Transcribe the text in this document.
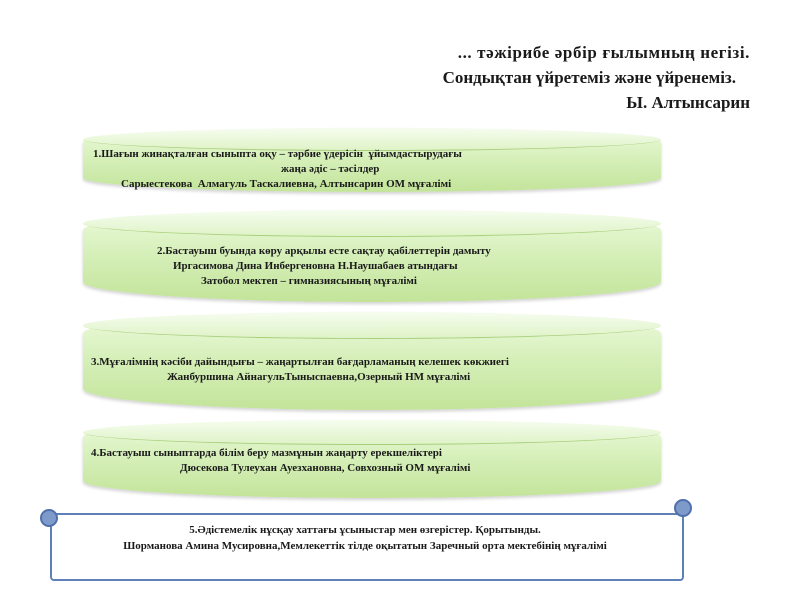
... тәжірибе әрбір ғылымның негізі.
Сондықтан үйретеміз және үйренеміз.
Ы. Алтынсарин
1.Шағын жинақталған сыныпта оқу – тәрбие үдерісін  ұйымдастырудағы
жаңа әдіс – тәсілдер
Сарыестекова  Алмагуль Таскалиевна, Алтынсарин ОМ мұғалімі
2.Бастауыш буында көру арқылы есте сақтау қабілеттерін дамыту
Иргасимова Дина Инбергеновна Н.Наушабаев атындағы
Затобол мектеп – гимназиясының мұғалімі
3.Мұғалімнің кәсіби дайындығы – жаңартылған бағдарламаның келешек көкжиегі
Жанбуршина АйнагульТыныспаевна,Озерный НМ мұғалімі
4.Бастауыш сыныптарда білім беру мазмұнын жаңарту ерекшеліктері
Дюсекова Тулеухан Ауезхановна, Совхозный ОМ мұғалімі
5.Әдістемелік нұсқау хаттағы ұсыныстар мен өзгерістер. Қорытынды.
Шорманова Амина Мусировна,Мемлекеттік тілде оқытатын Заречный орта мектебінің мұғалімі
